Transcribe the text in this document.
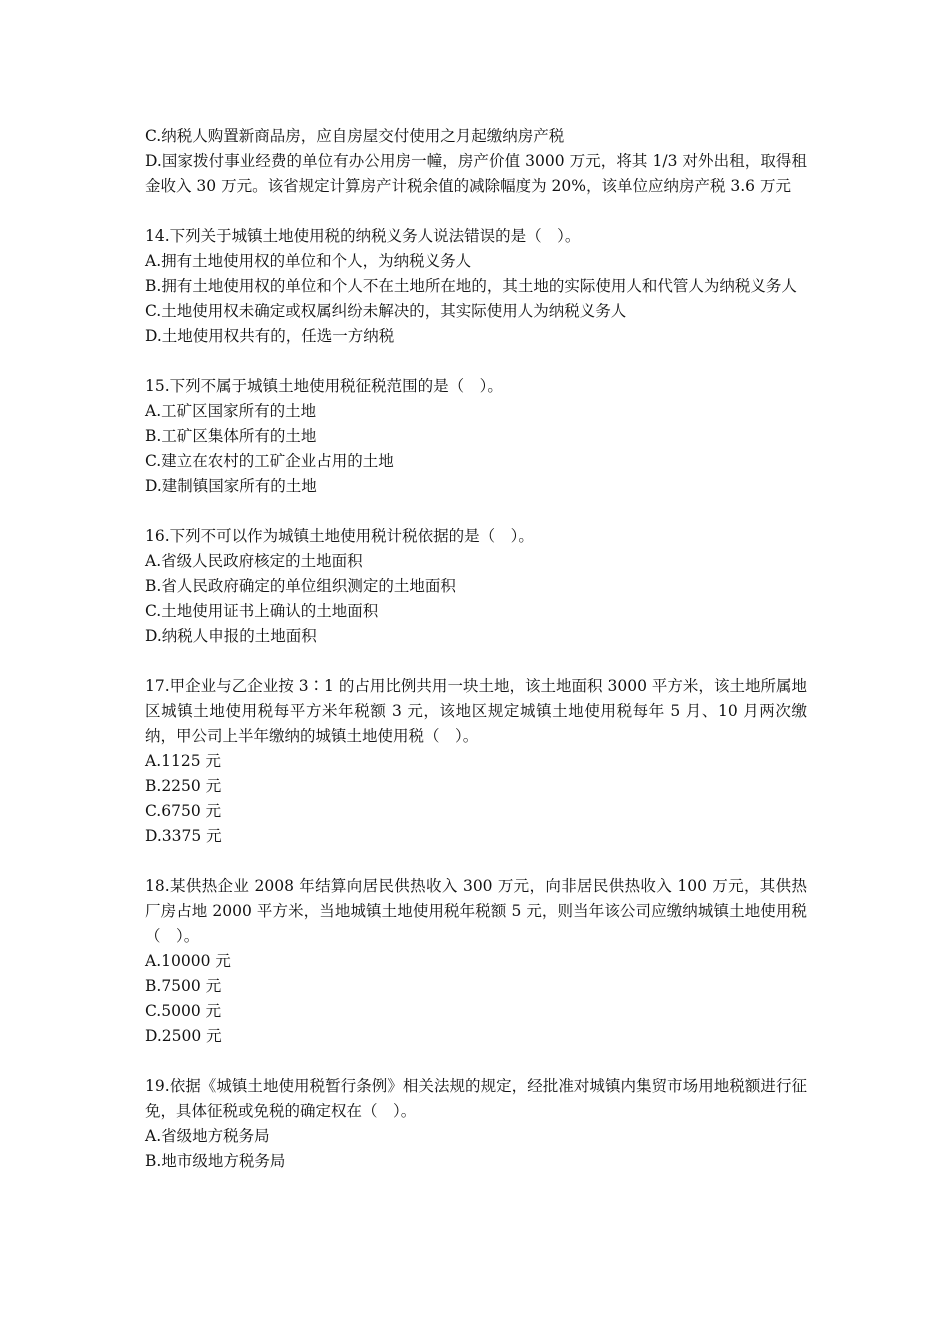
C.纳税人购置新商品房，应自房屋交付使用之月起缴纳房产税

D.国家拨付事业经费的单位有办公用房一幢，房产价值 3000 万元，将其 1/3 对外出租，取得租金收入 30 万元。该省规定计算房产计税余值的减除幅度为 20%，该单位应纳房产税 3.6 万元

14.下列关于城镇土地使用税的纳税义务人说法错误的是（　）。

A.拥有土地使用权的单位和个人，为纳税义务人

B.拥有土地使用权的单位和个人不在土地所在地的，其土地的实际使用人和代管人为纳税义务人

C.土地使用权未确定或权属纠纷未解决的，其实际使用人为纳税义务人

D.土地使用权共有的，任选一方纳税

15.下列不属于城镇土地使用税征税范围的是（　）。

A.工矿区国家所有的土地

B.工矿区集体所有的土地

C.建立在农村的工矿企业占用的土地

D.建制镇国家所有的土地

16.下列不可以作为城镇土地使用税计税依据的是（　）。

A.省级人民政府核定的土地面积

B.省人民政府确定的单位组织测定的土地面积

C.土地使用证书上确认的土地面积

D.纳税人申报的土地面积

17.甲企业与乙企业按 3∶1 的占用比例共用一块土地，该土地面积 3000 平方米，该土地所属地区城镇土地使用税每平方米年税额 3 元，该地区规定城镇土地使用税每年 5 月、10 月两次缴纳，甲公司上半年缴纳的城镇土地使用税（　）。

A.1125 元

B.2250 元

C.6750 元

D.3375 元

18.某供热企业 2008 年结算向居民供热收入 300 万元，向非居民供热收入 100 万元，其供热厂房占地 2000 平方米，当地城镇土地使用税年税额 5 元，则当年该公司应缴纳城镇土地使用税（　）。

A.10000 元

B.7500 元

C.5000 元

D.2500 元

19.依据《城镇土地使用税暂行条例》相关法规的规定，经批准对城镇内集贸市场用地税额进行征免，具体征税或免税的确定权在（　）。

A.省级地方税务局

B.地市级地方税务局
